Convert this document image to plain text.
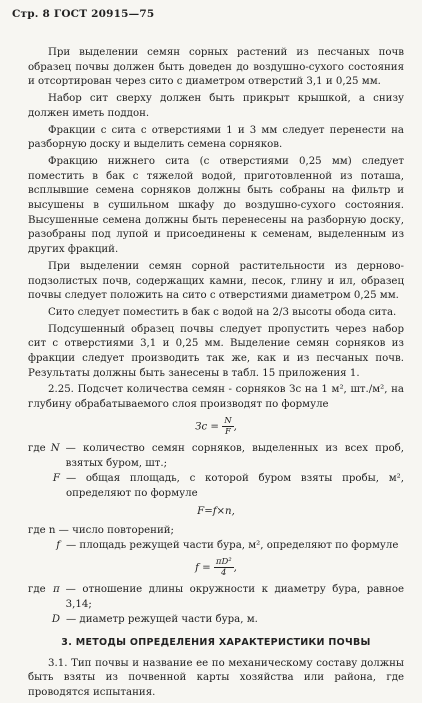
Стр. 8 ГОСТ 20915—75

При выделении семян сорных растений из песчаных почв образец почвы должен быть доведен до воздушно-сухого состояния и отсортирован через сито с диаметром отверстий 3,1 и 0,25 мм.

Набор сит сверху должен быть прикрыт крышкой, а снизу должен иметь поддон.

Фракции с сита с отверстиями 1 и 3 мм следует перенести на разборную доску и выделить семена сорняков.

Фракцию нижнего сита (с отверстиями 0,25 мм) следует поместить в бак с тяжелой водой, приготовленной из поташа, всплывшие семена сорняков должны быть собраны на фильтр и высушены в сушильном шкафу до воздушно-сухого состояния. Высушенные семена должны быть перенесены на разборную доску, разобраны под лупой и присоединены к семенам, выделенным из других фракций.

При выделении семян сорной растительности из дерново-подзолистых почв, содержащих камни, песок, глину и ил, образец почвы следует положить на сито с отверстиями диаметром 0,25 мм.

Сито следует поместить в бак с водой на 2/3 высоты обода сита.

Подсушенный образец почвы следует пропустить через набор сит с отверстиями 3,1 и 0,25 мм. Выделение семян сорняков из фракции следует производить так же, как и из песчаных почв. Результаты должны быть занесены в табл. 15 приложения 1.

2.25. Подсчет количества семян - сорняков Зс на 1 м², шт./м², на глубину обрабатываемого слоя производят по формуле

Зс = $\frac{N}{F}$ ,
где N — количество семян сорняков, выделенных из всех проб, взятых буром, шт.;
F — общая площадь, с которой буром взяты пробы, м², определяют по формуле
F=f×n,
где n — число повторений;
f — площадь режущей части бура, м², определяют по формуле
$f = \frac{\text{πD²}}{4}$ ,
где π — отношение длины окружности к диаметру бура, равное 3,14;
D — диаметр режущей части бура, м.
3. МЕТОДЫ ОПРЕДЕЛЕНИЯ ХАРАКТЕРИСТИКИ ПОЧВЫ

3.1. Тип почвы и название ее по механическому составу должны быть взяты из почвенной карты хозяйства или района, где проводятся испытания.
